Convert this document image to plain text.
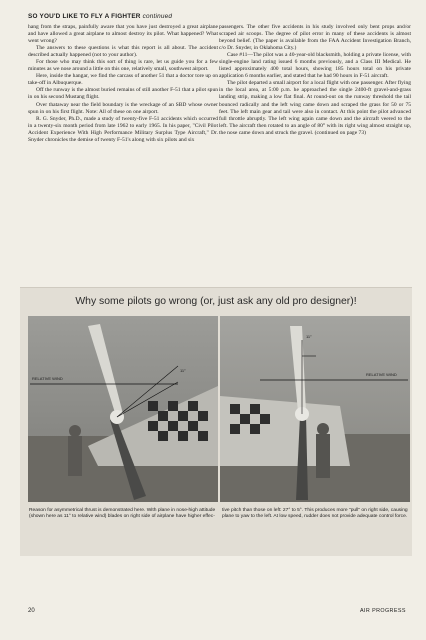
SO YOU'D LIKE TO FLY A FIGHTER continued

hang from the straps, painfully aware that you have just destroyed a great airplane and have allowed a great airplane to almost destroy its pilot. What happened? What went wrong?

The answers to these questions is what this report is all about. The accident described actually happened (not to your author).

For those who may think this sort of thing is rare, let us guide you for a few minutes as we nose around a little on this one, relatively small, southwest airport.

Here, inside the hangar, we find the carcass of another 51 that a doctor tore up on take-off in Albuquerque.

Off the runway is the almost buried remains of still another F-51 that a pilot spun in on his second Mustang flight.

Over thataway near the field boundary is the wreckage of an SBD whose owner spun in on his first flight. Note: All of these on one airport.

R. G. Snyder, Ph.D., made a study of twenty-five F-51 accidents which occurred in a twenty-six month period from late 1962 to early 1965. In his paper, "Civil Pilot Accident Experience With High Performance Military Surplus Type Aircraft," Dr. Snyder chronicles the demise of twenty F-51's along with six pilots and six

passengers. The other five accidents in his study involved only bent props and/or scraped air scoops. The degree of pilot error in many of these accidents is almost beyond belief. (The paper is available from the FAA Accident Investigation Branch, c/o Dr. Snyder, in Oklahoma City.)

Case #11—The pilot was a 40-year-old blacksmith, holding a private license, with single-engine land rating issued 6 months previously, and a Class III Medical. He listed approximately 400 total hours, showing 185 hours total on his private application 6 months earlier, and stated that he had 90 hours in F-51 aircraft.

The pilot departed a small airport for a local flight with one passenger. After flying in the local area, at 5:00 p.m. he approached the single 2400-ft gravel-and-grass landing strip, making a low flat final. At round-out on the runway threshold the tail bounced radically and the left wing came down and scraped the grass for 50 or 75 feet. The left main gear and tail were also in contact. At this point the pilot advanced full throttle abruptly. The left wing again came down and the aircraft veered to the left. The aircraft then rotated to an angle of 80° with its right wing almost straight up, the nose came down and struck the gravel. (continued on page 73)

Why some pilots go wrong (or, just ask any old pro designer)!
RELATIVE WIND
11°
RELATIVE WIND
11°
Reason for asymmetrical thrust is demonstrated here. With plane in nose-high attitude (shown here as 11° to relative wind) blades on right side of airplane have higher effec-
tive pitch than those on left: 27° to 5°. This produces more "pull" on right side, causing plane to yaw to the left. At low speed, rudder does not provide adequate control force.
20	AIR PROGRESS
